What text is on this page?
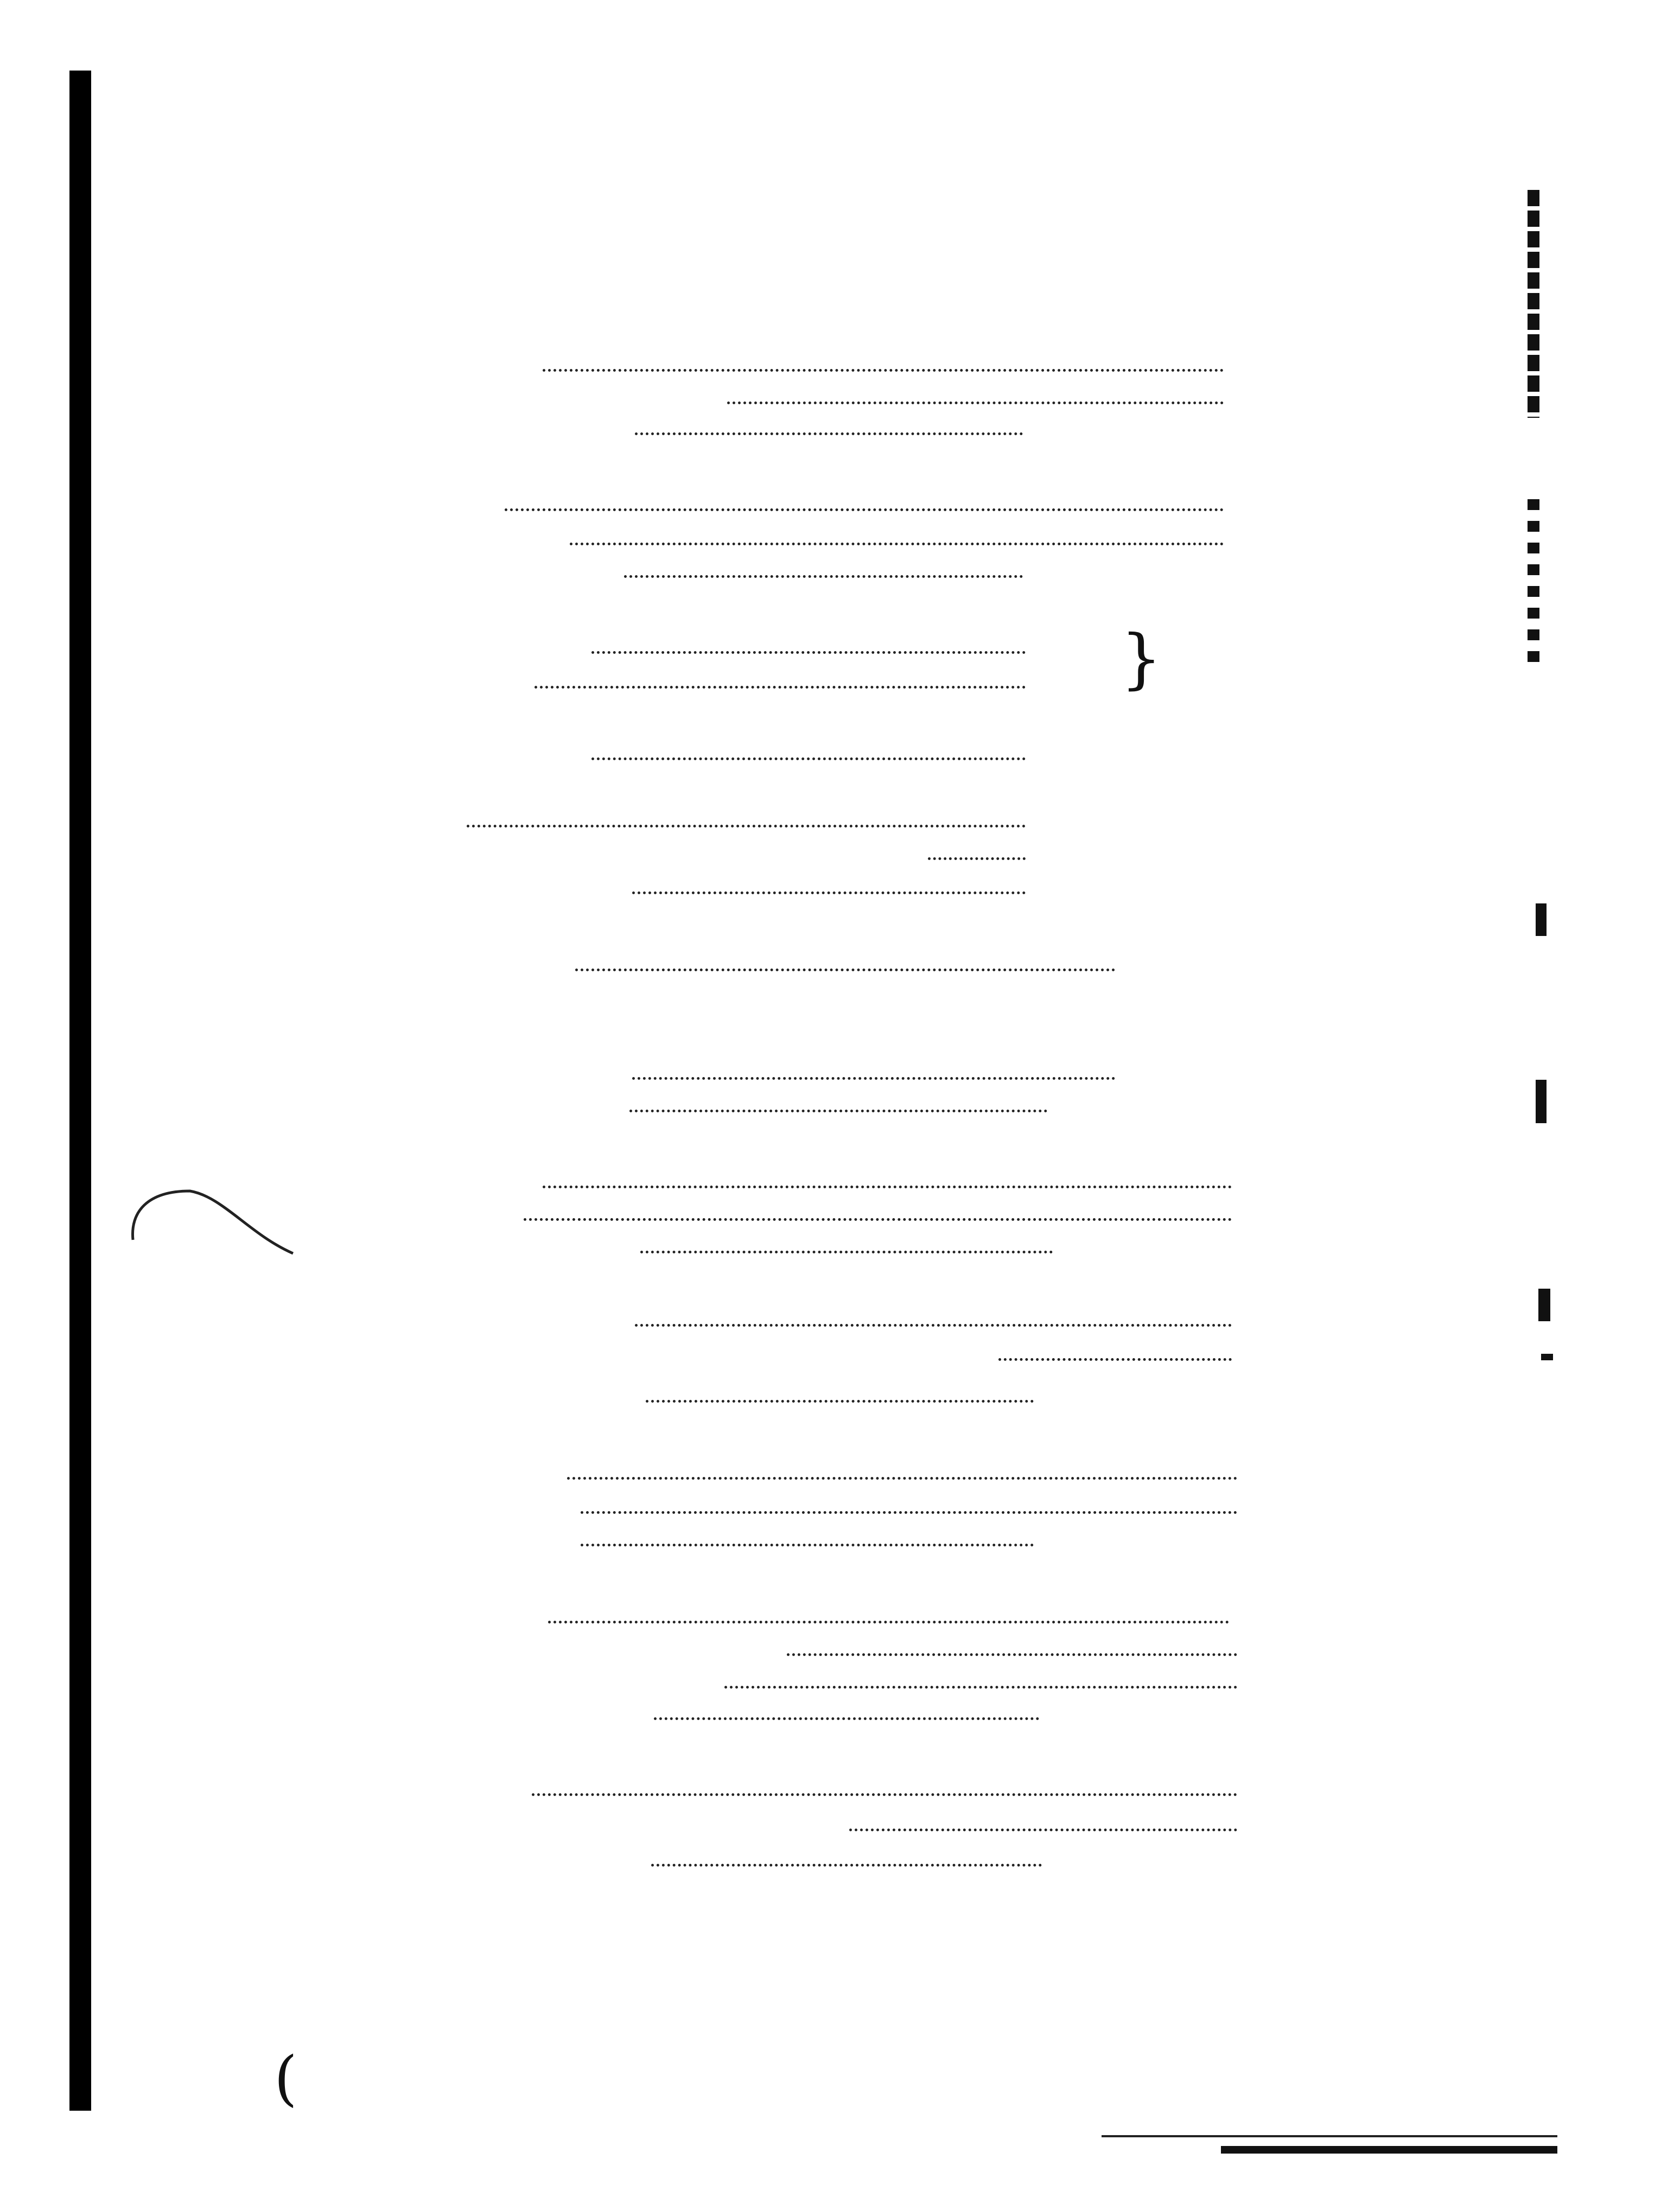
}
(
